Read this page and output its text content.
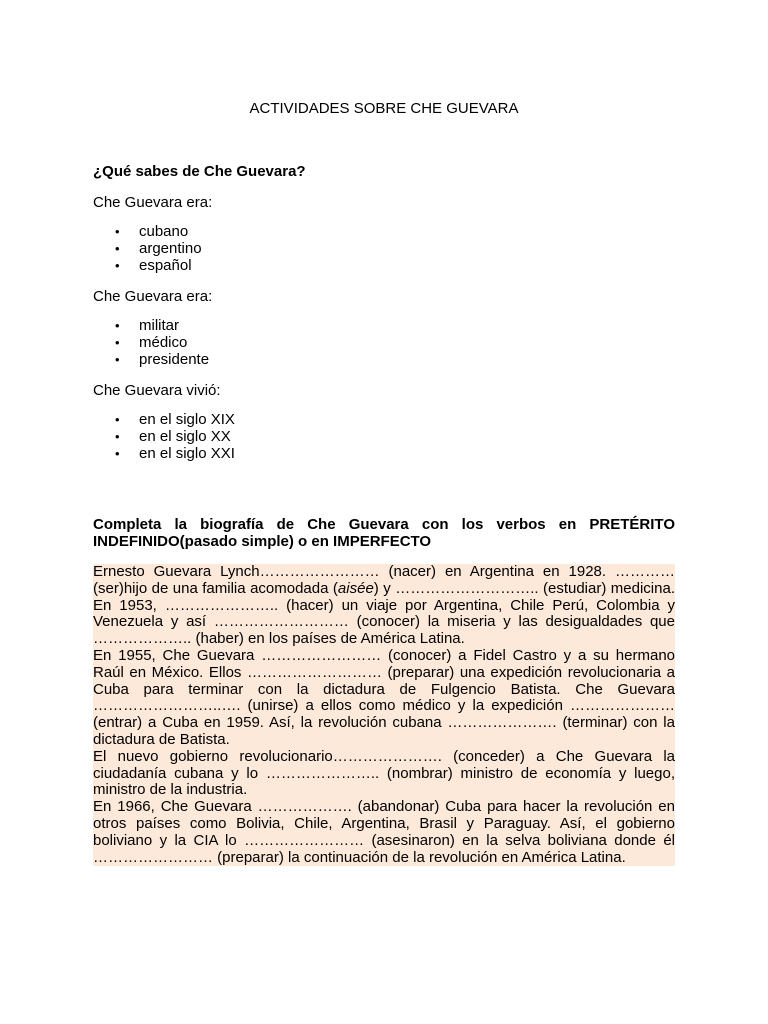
ACTIVIDADES SOBRE CHE GUEVARA
¿Qué sabes de Che Guevara?
Che Guevara era:
• cubano
• argentino
• español
Che Guevara era:
• militar
• médico
• presidente
Che Guevara vivió:
• en el siglo XIX
• en el siglo XX
• en el siglo XXI
Completa la biografía de Che Guevara con los verbos en PRETÉRITO INDEFINIDO(pasado simple) o en IMPERFECTO

Ernesto Guevara Lynch…………………… (nacer) en Argentina en 1928. ………… (ser)hijo de una familia acomodada (aisée) y ……………………….. (estudiar) medicina. En 1953, ………………….. (hacer) un viaje por Argentina, Chile Perú, Colombia y Venezuela y así ……………………… (conocer) la miseria y las desigualdades que ……………….. (haber) en los países de América Latina.

En 1955, Che Guevara …………………… (conocer) a Fidel Castro y a su hermano Raúl en México. Ellos ……………………… (preparar) una expedición revolucionaria a Cuba para terminar con la dictadura de Fulgencio Batista. Che Guevara ……………………..…. (unirse) a ellos como médico y la expedición ………………… (entrar) a Cuba en 1959. Así, la revolución cubana …………………. (terminar) con la dictadura de Batista.

El nuevo gobierno revolucionario…………………. (conceder) a Che Guevara la ciudadanía cubana y lo ………………….. (nombrar) ministro de economía y luego, ministro de la industria.

En 1966, Che Guevara ………………. (abandonar) Cuba para hacer la revolución en otros países como Bolivia, Chile, Argentina, Brasil y Paraguay. Así, el gobierno boliviano y la CIA lo …………………… (asesinaron) en la selva boliviana donde él …………………… (preparar) la continuación de la revolución en América Latina.
